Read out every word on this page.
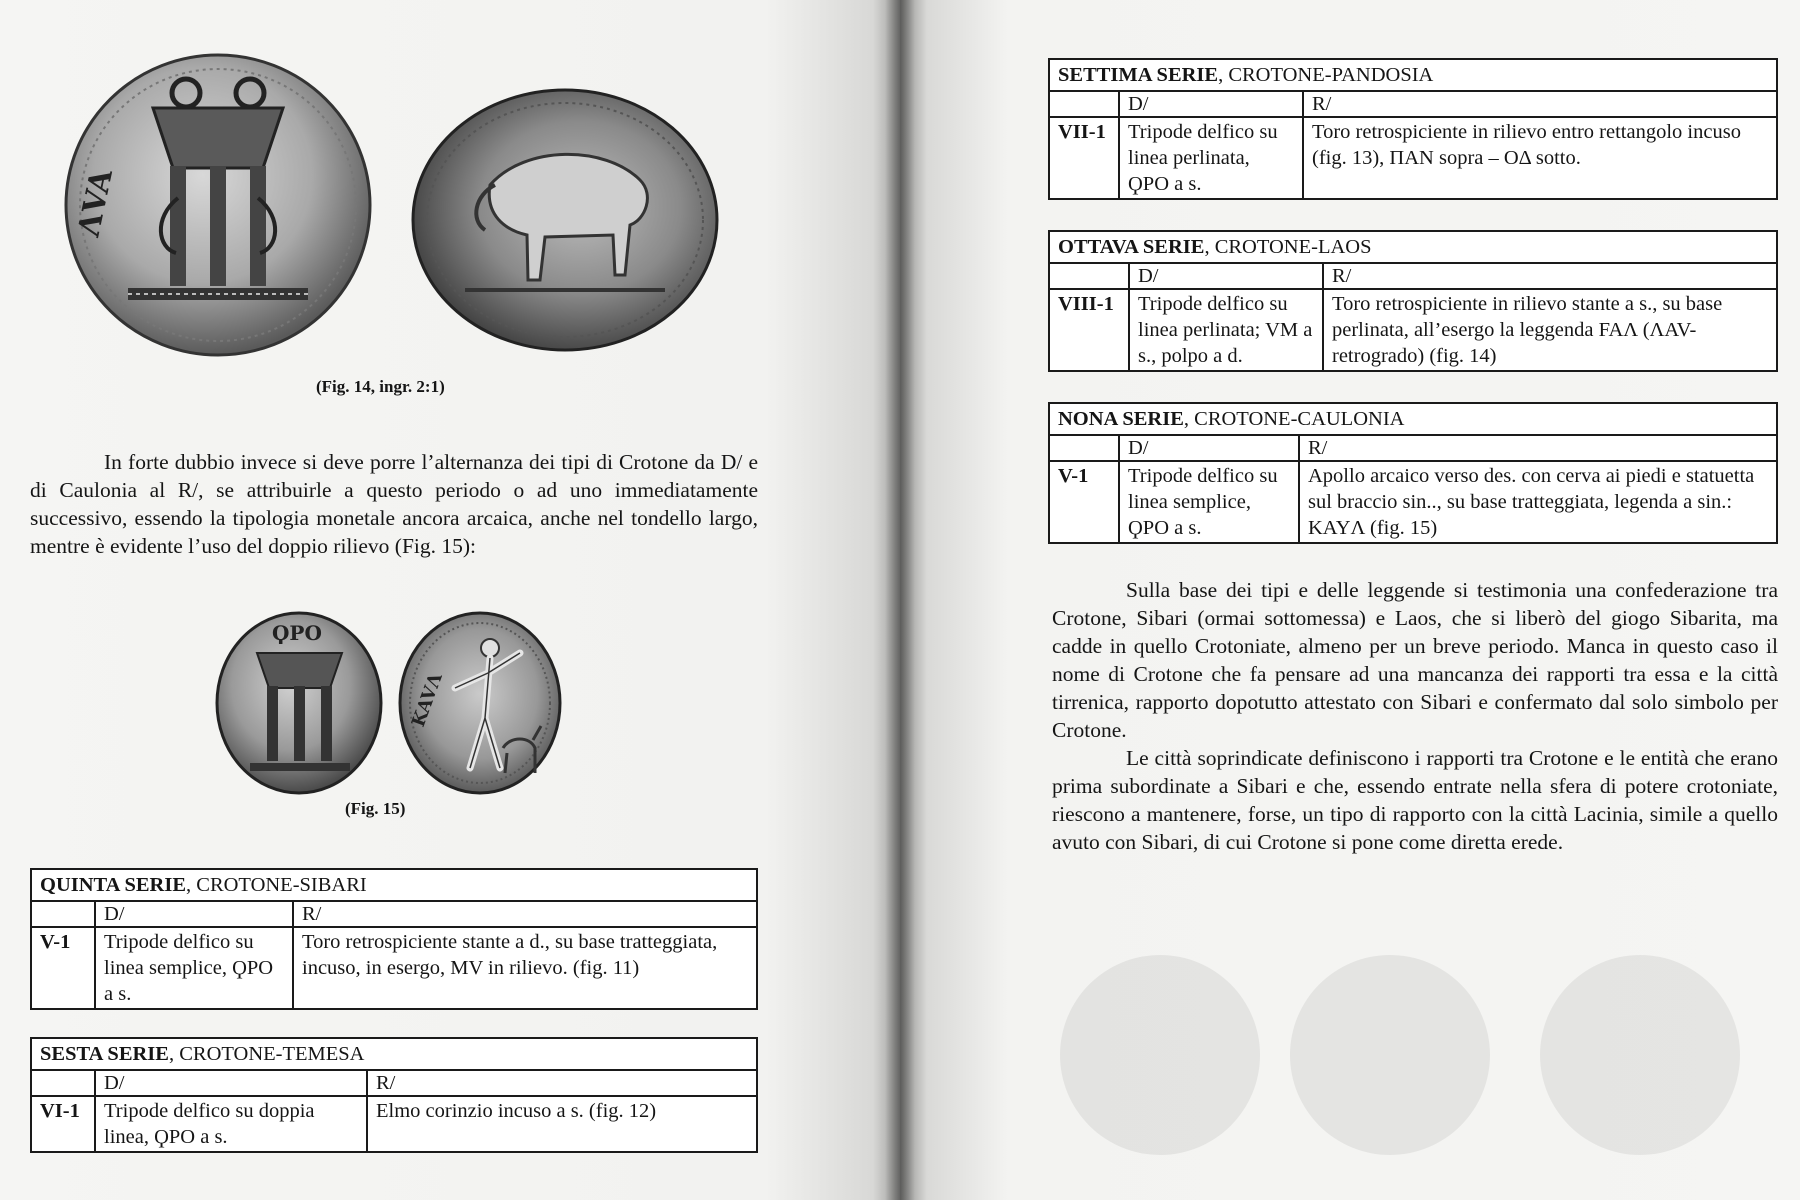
ΛVA
(Fig. 14, ingr. 2:1)

In forte dubbio invece si deve porre l’alternanza dei tipi di Crotone da D/ e di Caulonia al R/, se attribuirle a questo periodo o ad uno immediatamente successivo, essendo la tipologia monetale ancora arcaica, anche nel tondello largo, mentre è evidente l’uso del doppio rilievo (Fig. 15):

ϘPO
KAVΛ
(Fig. 15)
QUINTA SERIE, CROTONE-SIBARI		
	D/	R/
V-1	Tripode delfico su linea semplice, ϘPO a s.	Toro retrospiciente stante a d., su base tratteggiata, incuso, in esergo, MV in rilievo. (fig. 11)
SESTA SERIE, CROTONE-TEMESA		
	D/	R/
VI-1	Tripode delfico su doppia linea, ϘPO a s.	Elmo corinzio incuso a s. (fig. 12)
SETTIMA SERIE, CROTONE-PANDOSIA		
	D/	R/
VII-1	Tripode delfico su linea perlinata, ϘPO a s.	Toro retrospiciente in rilievo entro rettangolo incuso (fig. 13), ΠAN sopra – OΔ sotto.
OTTAVA SERIE, CROTONE-LAOS		
	D/	R/
VIII-1	Tripode delfico su linea perlinata; VM a s., polpo a d.	Toro retrospiciente in rilievo stante a s., su base perlinata, all’esergo la leggenda FAΛ (ΛAV- retrogrado) (fig. 14)
NONA SERIE, CROTONE-CAULONIA		
	D/	R/
V-1	Tripode delfico su linea semplice, ϘPO a s.	Apollo arcaico verso des. con cerva ai piedi e statuetta sul braccio sin.., su base tratteggiata, legenda a sin.: KAYΛ (fig. 15)

Sulla base dei tipi e delle leggende si testimonia una confederazione tra Crotone, Sibari (ormai sottomessa) e Laos, che si liberò del giogo Sibarita, ma cadde in quello Crotoniate, almeno per un breve periodo. Manca in questo caso il nome di Crotone che fa pensare ad una mancanza dei rapporti tra essa e la città tirrenica, rapporto dopotutto attestato con Sibari e confermato dal solo simbolo per Crotone.

Le città soprindicate definiscono i rapporti tra Crotone e le entità che erano prima subordinate a Sibari e che, essendo entrate nella sfera di potere crotoniate, riescono a mantenere, forse, un tipo di rapporto con la città Lacinia, simile a quello avuto con Sibari, di cui Crotone si pone come diretta erede.
